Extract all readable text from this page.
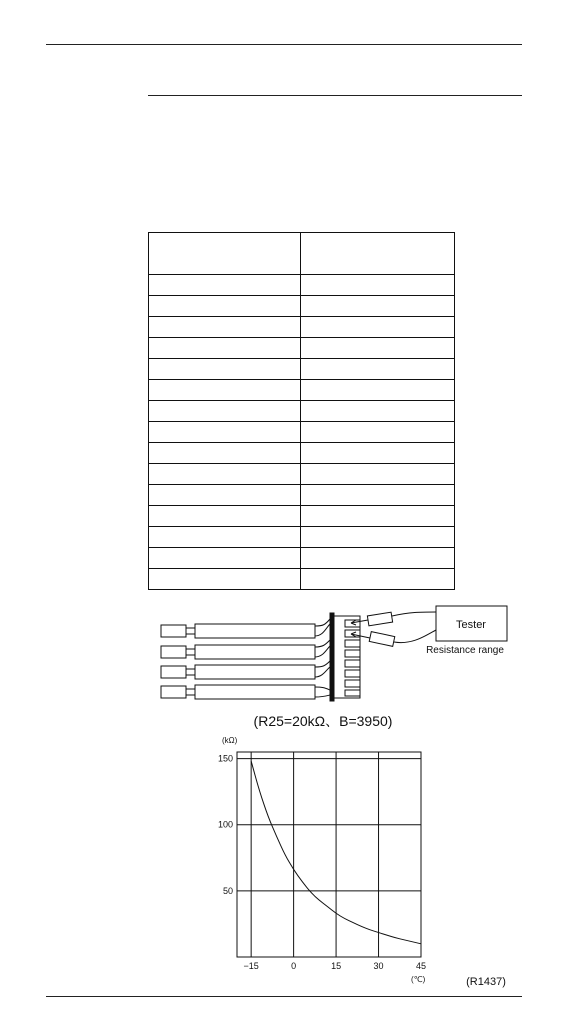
Tester
Resistance range
(R25=20kΩ、B=3950)
−15	0	15	30	45
150
100
50
(kΩ)
(℃)	(R1437)
